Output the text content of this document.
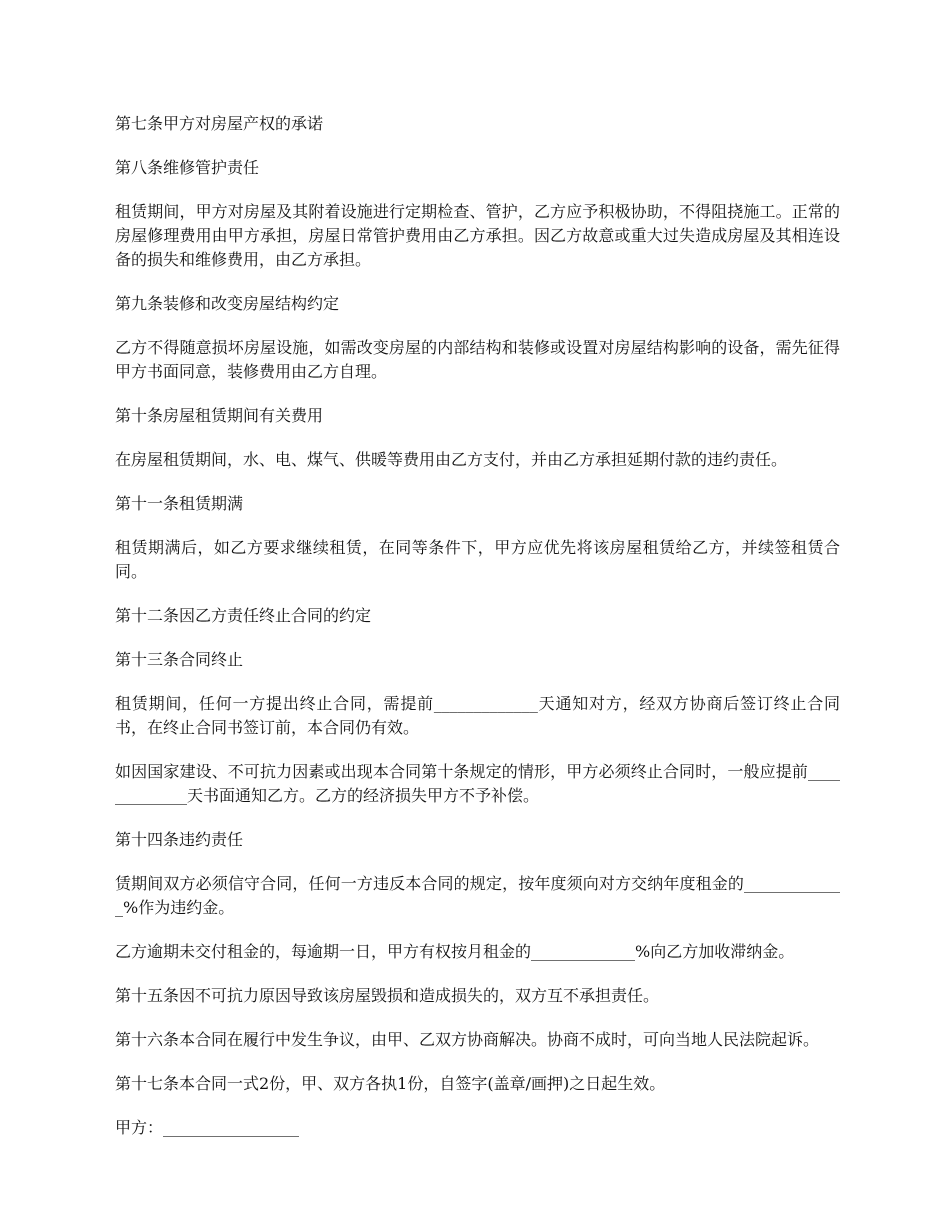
第七条甲方对房屋产权的承诺

第八条维修管护责任

租赁期间，甲方对房屋及其附着设施进行定期检查、管护，乙方应予积极协助，不得阻挠施工。正常的房屋修理费用由甲方承担，房屋日常管护费用由乙方承担。因乙方故意或重大过失造成房屋及其相连设备的损失和维修费用，由乙方承担。

第九条装修和改变房屋结构约定

乙方不得随意损坏房屋设施，如需改变房屋的内部结构和装修或设置对房屋结构影响的设备，需先征得甲方书面同意，装修费用由乙方自理。

第十条房屋租赁期间有关费用

在房屋租赁期间，水、电、煤气、供暖等费用由乙方支付，并由乙方承担延期付款的违约责任。

第十一条租赁期满

租赁期满后，如乙方要求继续租赁，在同等条件下，甲方应优先将该房屋租赁给乙方，并续签租赁合同。

第十二条因乙方责任终止合同的约定

第十三条合同终止

租赁期间，任何一方提出终止合同，需提前_____________天通知对方，经双方协商后签订终止合同书，在终止合同书签订前，本合同仍有效。

如因国家建设、不可抗力因素或出现本合同第十条规定的情形，甲方必须终止合同时，一般应提前_____________天书面通知乙方。乙方的经济损失甲方不予补偿。

第十四条违约责任

赁期间双方必须信守合同，任何一方违反本合同的规定，按年度须向对方交纳年度租金的_____________%作为违约金。

乙方逾期未交付租金的，每逾期一日，甲方有权按月租金的_____________%向乙方加收滞纳金。

第十五条因不可抗力原因导致该房屋毁损和造成损失的，双方互不承担责任。

第十六条本合同在履行中发生争议，由甲、乙双方协商解决。协商不成时，可向当地人民法院起诉。

第十七条本合同一式2份，甲、双方各执1份，自签字(盖章/画押)之日起生效。

甲方：_________________
